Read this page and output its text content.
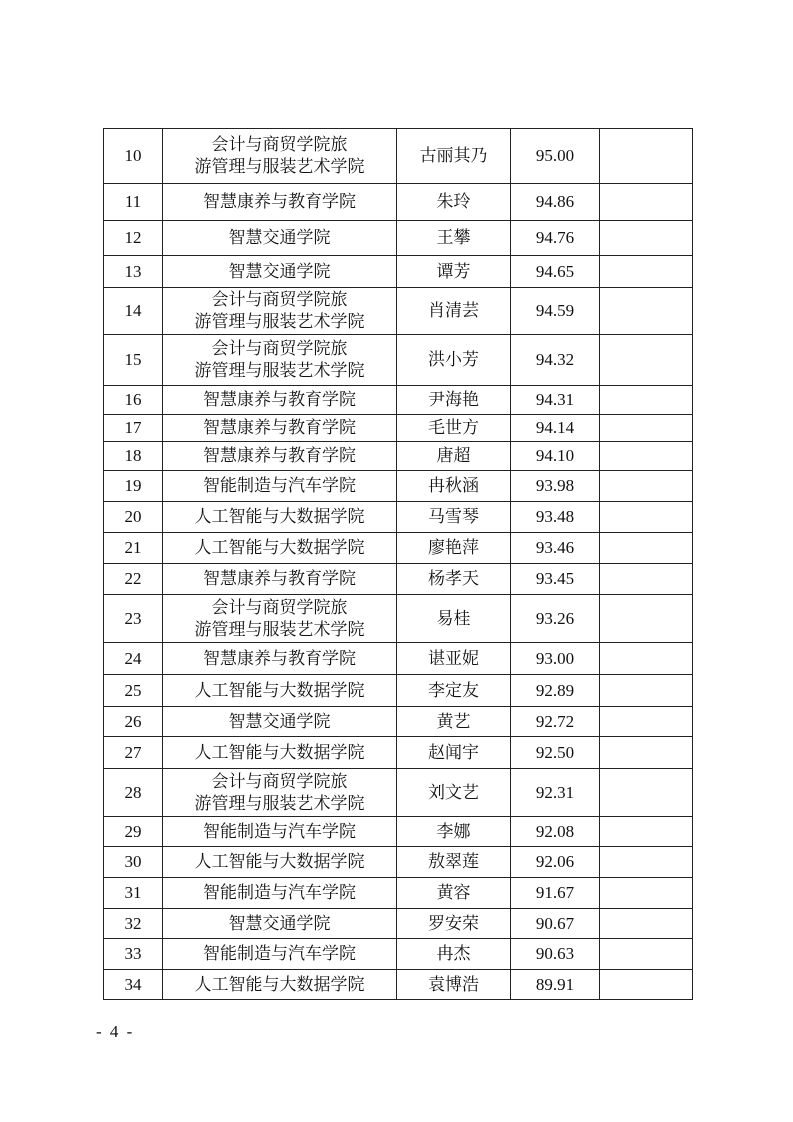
10	会计与商贸学院旅
游管理与服装艺术学院	古丽其乃	95.00	
11	智慧康养与教育学院	朱玲	94.86	
12	智慧交通学院	王攀	94.76	
13	智慧交通学院	谭芳	94.65	
14	会计与商贸学院旅
游管理与服装艺术学院	肖清芸	94.59	
15	会计与商贸学院旅
游管理与服装艺术学院	洪小芳	94.32	
16	智慧康养与教育学院	尹海艳	94.31	
17	智慧康养与教育学院	毛世方	94.14	
18	智慧康养与教育学院	唐超	94.10	
19	智能制造与汽车学院	冉秋涵	93.98	
20	人工智能与大数据学院	马雪琴	93.48	
21	人工智能与大数据学院	廖艳萍	93.46	
22	智慧康养与教育学院	杨孝天	93.45	
23	会计与商贸学院旅
游管理与服装艺术学院	易桂	93.26	
24	智慧康养与教育学院	谌亚妮	93.00	
25	人工智能与大数据学院	李定友	92.89	
26	智慧交通学院	黄艺	92.72	
27	人工智能与大数据学院	赵闻宇	92.50	
28	会计与商贸学院旅
游管理与服装艺术学院	刘文艺	92.31	
29	智能制造与汽车学院	李娜	92.08	
30	人工智能与大数据学院	敖翠莲	92.06	
31	智能制造与汽车学院	黄容	91.67	
32	智慧交通学院	罗安荣	90.67	
33	智能制造与汽车学院	冉杰	90.63	
34	人工智能与大数据学院	袁博浩	89.91	
- 4 -
